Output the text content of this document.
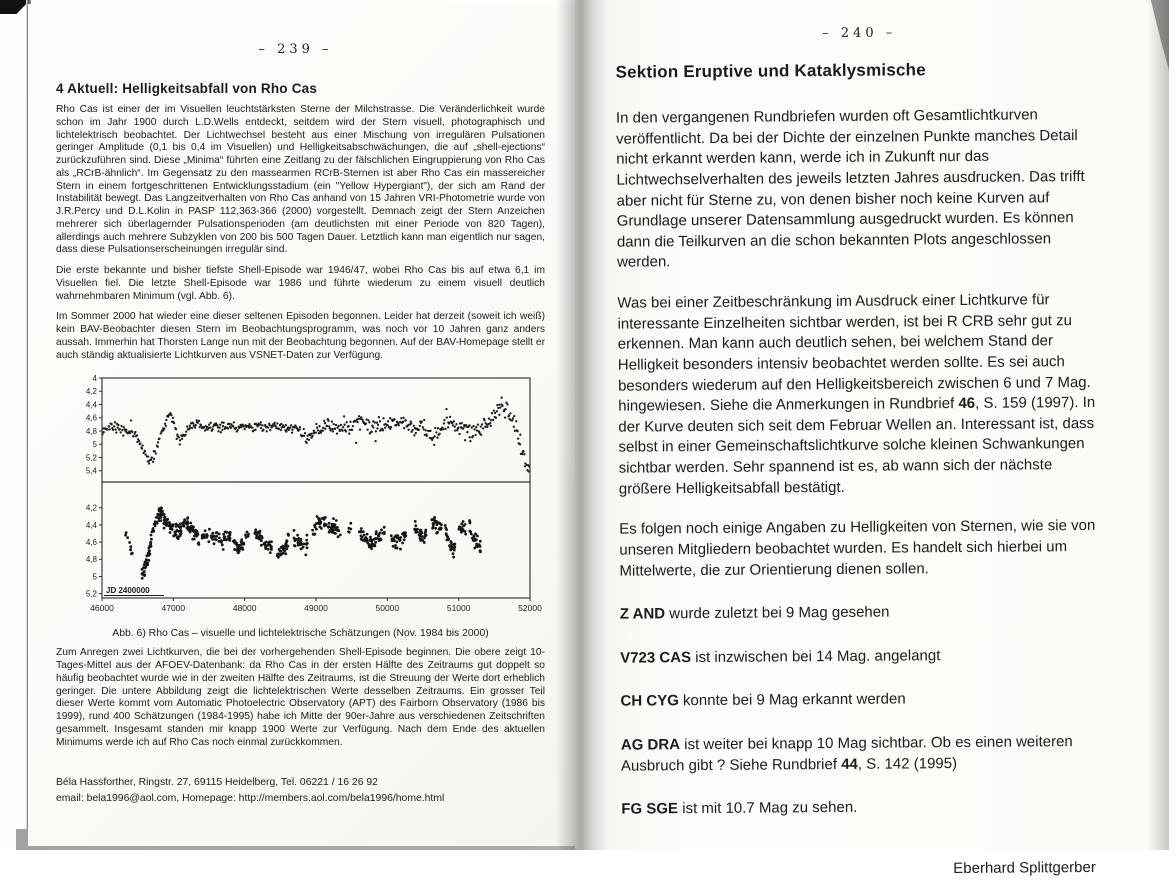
– 239 –
4 Aktuell: Helligkeitsabfall von Rho Cas

Rho Cas ist einer der im Visuellen leuchtstärksten Sterne der Milchstrasse. Die Veränderlichkeit wurde schon im Jahr 1900 durch L.D.Wells entdeckt, seitdem wird der Stern visuell, photographisch und lichtelektrisch beobachtet. Der Lichtwechsel besteht aus einer Mischung von irregulären Pulsationen geringer Amplitude (0,1 bis 0,4 im Visuellen) und Helligkeitsabschwächungen, die auf „shell-ejections“ zurückzuführen sind. Diese „Minima“ führten eine Zeitlang zu der fälschlichen Eingruppierung von Rho Cas als „RCrB-ähnlich“. Im Gegensatz zu den massearmen RCrB-Sternen ist aber Rho Cas ein massereicher Stern in einem fortgeschrittenen Entwicklungsstadium (ein "Yellow Hypergiant"), der sich am Rand der Instabilität bewegt. Das Langzeitverhalten von Rho Cas anhand von 15 Jahren VRI-Photometrie wurde von J.R.Percy und D.L.Kolin in PASP 112,363-366 (2000) vorgestellt. Demnach zeigt der Stern Anzeichen mehrerer sich überlagernder Pulsationsperioden (am deutlichsten mit einer Periode von 820 Tagen), allerdings auch mehrere Subzyklen von 200 bis 500 Tagen Dauer. Letztlich kann man eigentlich nur sagen, dass diese Pulsationserscheinungen irregulär sind.

Die erste bekannte und bisher tiefste Shell-Episode war 1946/47, wobei Rho Cas bis auf etwa 6,1 im Visuellen fiel. Die letzte Shell-Episode war 1986 und führte wiederum zu einem visuell deutlich wahrnehmbaren Minimum (vgl. Abb. 6).

Im Sommer 2000 hat wieder eine dieser seltenen Episoden begonnen. Leider hat derzeit (soweit ich weiß) kein BAV-Beobachter diesen Stern im Beobachtungsprogramm, was noch vor 10 Jahren ganz anders aussah. Immerhin hat Thorsten Lange nun mit der Beobachtung begonnen. Auf der BAV-Homepage stellt er auch ständig aktualisierte Lichtkurven aus VSNET-Daten zur Verfügung.

4
4,2
4,4
4,6
4,8
5
5,2
5,4
4,2
4,4
4,6
4,8
5
5,2
46000	47000	48000	49000	50000	51000	52000
JD 2400000
Abb. 6) Rho Cas – visuelle und lichtelektrische Schätzungen (Nov. 1984 bis 2000)

Zum Anregen zwei Lichtkurven, die bei der vorhergehenden Shell-Episode beginnen. Die obere zeigt 10-Tages-Mittel aus der AFOEV-Datenbank: da Rho Cas in der ersten Hälfte des Zeitraums gut doppelt so häufig beobachtet wurde wie in der zweiten Hälfte des Zeitraums, ist die Streuung der Werte dort erheblich geringer. Die untere Abbildung zeigt die lichtelektrischen Werte desselben Zeitraums. Ein grosser Teil dieser Werte kommt vom Automatic Photoelectric Observatory (APT) des Fairborn Observatory (1986 bis 1999), rund 400 Schätzungen (1984-1995) habe ich Mitte der 90er-Jahre aus verschiedenen Zeitschriften gesammelt. Insgesamt standen mir knapp 1900 Werte zur Verfügung. Nach dem Ende des aktuellen Minimums werde ich auf Rho Cas noch einmal zurückkommen.

Béla Hassforther, Ringstr. 27, 69115 Heidelberg, Tel. 06221 / 16 26 92
email: bela1996@aol.com, Homepage: http://members.aol.com/bela1996/home.html
– 240 –
Sektion Eruptive und Kataklysmische

In den vergangenen Rundbriefen wurden oft Gesamtlichtkurven veröffentlicht. Da bei der Dichte der einzelnen Punkte manches Detail nicht erkannt werden kann, werde ich in Zukunft nur das Lichtwechselverhalten des jeweils letzten Jahres ausdrucken. Das trifft aber nicht für Sterne zu, von denen bisher noch keine Kurven auf Grundlage unserer Datensammlung ausgedruckt wurden. Es können dann die Teilkurven an die schon bekannten Plots angeschlossen werden.

Was bei einer Zeitbeschränkung im Ausdruck einer Lichtkurve für interessante Einzelheiten sichtbar werden, ist bei R CRB sehr gut zu erkennen. Man kann auch deutlich sehen, bei welchem Stand der Helligkeit besonders intensiv beobachtet werden sollte. Es sei auch besonders wiederum auf den Helligkeitsbereich zwischen 6 und 7 Mag. hingewiesen. Siehe die Anmerkungen in Rundbrief 46, S. 159 (1997). In der Kurve deuten sich seit dem Februar Wellen an. Interessant ist, dass selbst in einer Gemeinschaftslichtkurve solche kleinen Schwankungen sichtbar werden. Sehr spannend ist es, ab wann sich der nächste größere Helligkeitsabfall bestätigt.

Es folgen noch einige Angaben zu Helligkeiten von Sternen, wie sie von unseren Mitgliedern beobachtet wurden. Es handelt sich hierbei um Mittelwerte, die zur Orientierung dienen sollen.

Z AND wurde zuletzt bei 9 Mag gesehen

V723 CAS ist inzwischen bei 14 Mag. angelangt

CH CYG konnte bei 9 Mag erkannt werden

AG DRA ist weiter bei knapp 10 Mag sichtbar. Ob es einen weiteren Ausbruch gibt ? Siehe Rundbrief 44, S. 142 (1995)

FG SGE ist mit 10.7 Mag zu sehen.

Eberhard Splittgerber
